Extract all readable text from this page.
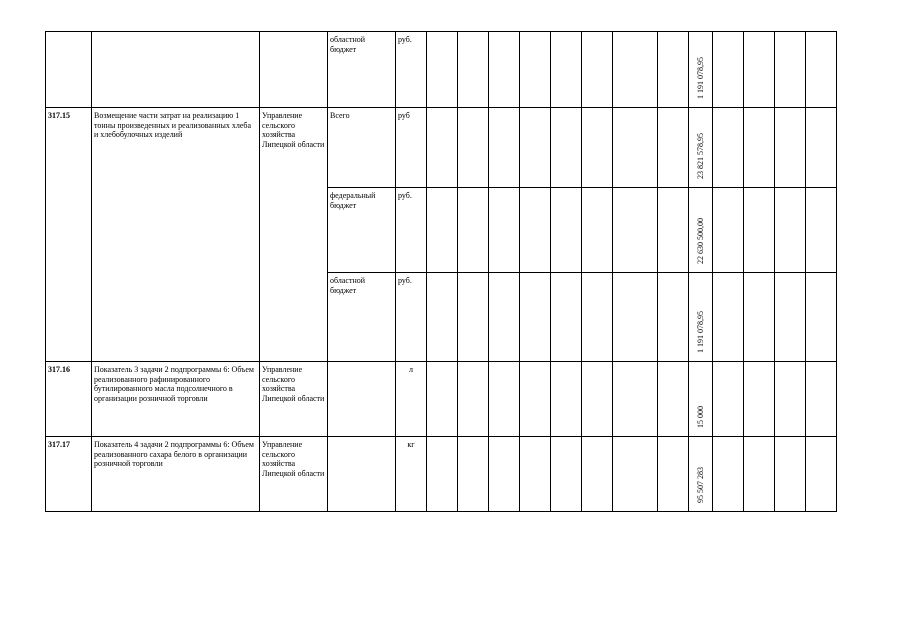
			областной бюджет	руб.									1 191 078,95				
317.15	Возмещение части затрат на реализацию 1 тонны произведенных и реализованных хлеба и хлебобулочных изделий	Управление сельского хозяйства Липецкой области	Всего	руб									23 821 578,95				
			федеральный бюджет	руб.									22 630 500,00				
			областной бюджет	руб.									1 191 078,95				
317.16	Показатель 3 задачи 2 подпрограммы 6: Объем реализованного рафинированного бутилированного масла подсолнечного в организации розничной торговли	Управление сельского хозяйства Липецкой области		л									15 000				
317.17	Показатель 4 задачи 2 подпрограммы 6: Объем реализованного сахара белого в организации розничной торговли	Управление сельского хозяйства Липецкой области		кг									95 507 283				
